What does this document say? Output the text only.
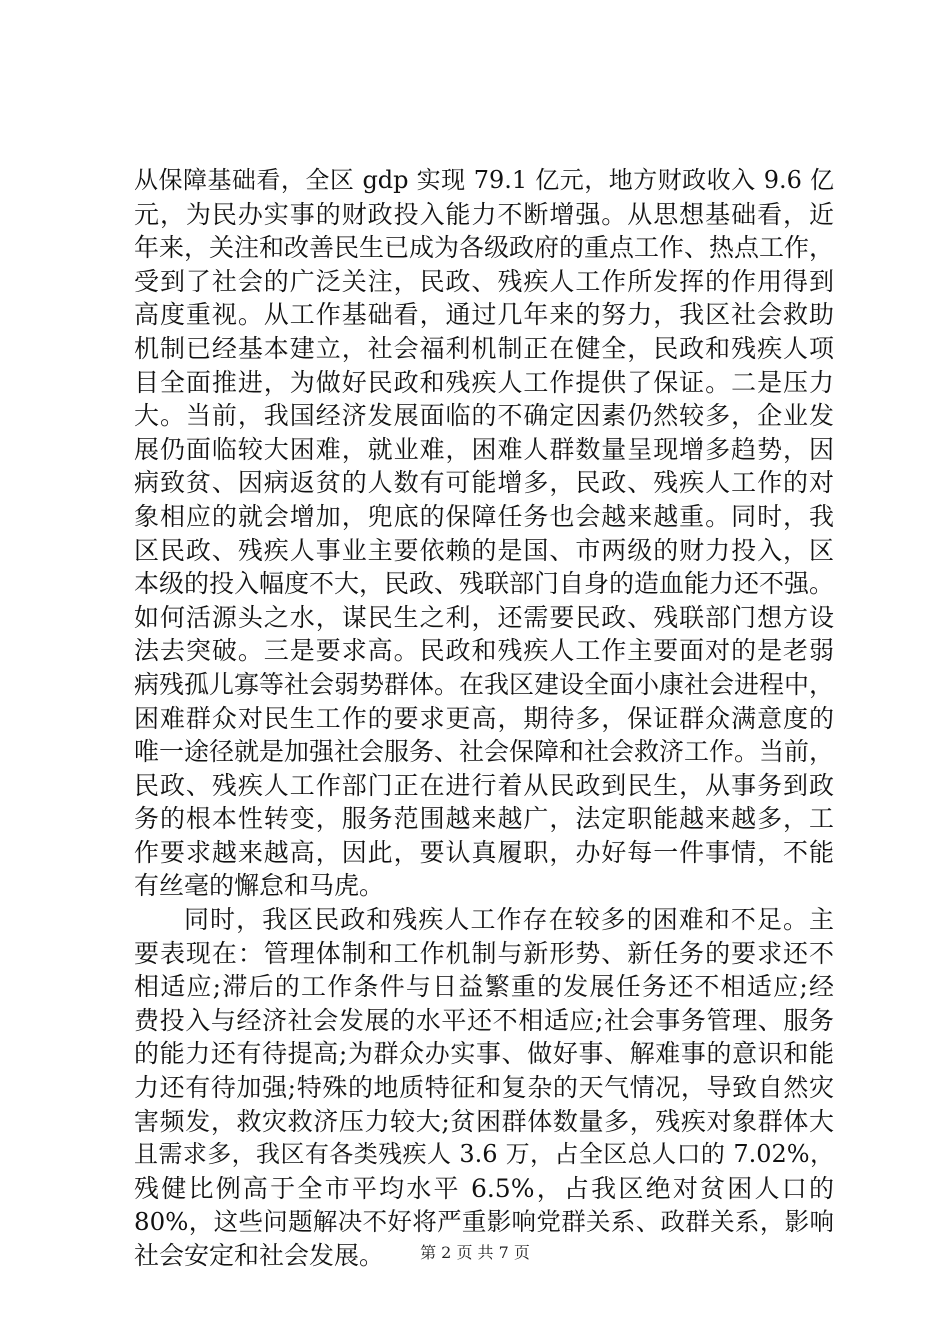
从保障基础看，全区 gdp 实现 79.1 亿元，地方财政收入 9.6 亿
元，为民办实事的财政投入能力不断增强。从思想基础看，近
年来，关注和改善民生已成为各级政府的重点工作、热点工作，
受到了社会的广泛关注，民政、残疾人工作所发挥的作用得到
高度重视。从工作基础看，通过几年来的努力，我区社会救助
机制已经基本建立，社会福利机制正在健全，民政和残疾人项
目全面推进，为做好民政和残疾人工作提供了保证。二是压力
大。当前，我国经济发展面临的不确定因素仍然较多，企业发
展仍面临较大困难，就业难，困难人群数量呈现增多趋势，因
病致贫、因病返贫的人数有可能增多，民政、残疾人工作的对
象相应的就会增加，兜底的保障任务也会越来越重。同时，我
区民政、残疾人事业主要依赖的是国、市两级的财力投入，区
本级的投入幅度不大，民政、残联部门自身的造血能力还不强。
如何活源头之水，谋民生之利，还需要民政、残联部门想方设
法去突破。三是要求高。民政和残疾人工作主要面对的是老弱
病残孤儿寡等社会弱势群体。在我区建设全面小康社会进程中，
困难群众对民生工作的要求更高，期待多，保证群众满意度的
唯一途径就是加强社会服务、社会保障和社会救济工作。当前，
民政、残疾人工作部门正在进行着从民政到民生，从事务到政
务的根本性转变，服务范围越来越广，法定职能越来越多，工
作要求越来越高，因此，要认真履职，办好每一件事情，不能
有丝毫的懈怠和马虎。
同时，我区民政和残疾人工作存在较多的困难和不足。主
要表现在：管理体制和工作机制与新形势、新任务的要求还不
相适应;滞后的工作条件与日益繁重的发展任务还不相适应;经
费投入与经济社会发展的水平还不相适应;社会事务管理、服务
的能力还有待提高;为群众办实事、做好事、解难事的意识和能
力还有待加强;特殊的地质特征和复杂的天气情况，导致自然灾
害频发，救灾救济压力较大;贫困群体数量多，残疾对象群体大
且需求多，我区有各类残疾人 3.6 万，占全区总人口的 7.02%，
残健比例高于全市平均水平 6.5%，占我区绝对贫困人口的
80%，这些问题解决不好将严重影响党群关系、政群关系，影响
社会安定和社会发展。	第 2 页 共 7 页
